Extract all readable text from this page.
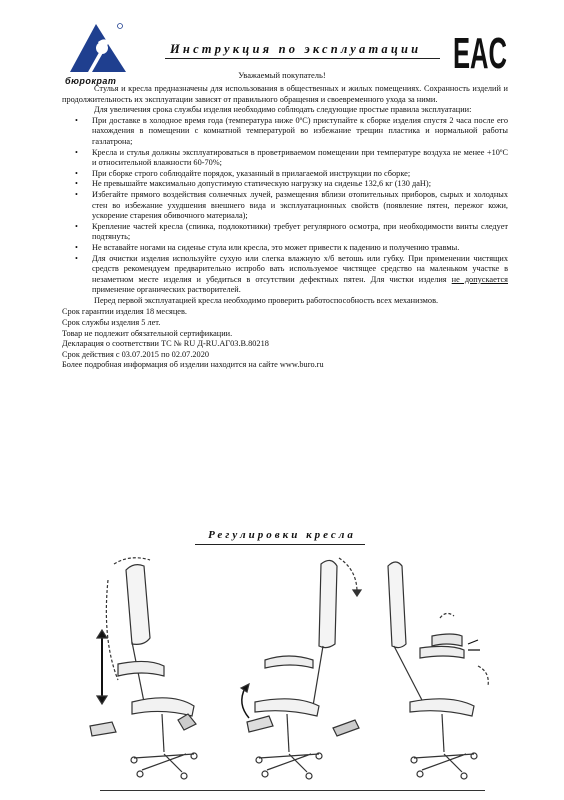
бюрократ
Инструкция по эксплуатации EAC
Уважаемый покупатель!

Стулья и кресла предназначены для использования в общественных и жилых помещениях. Сохранность изделий и продолжительность их эксплуатации зависят от правильного обращения и своевременного ухода за ними.

Для увеличения срока службы изделия необходимо соблюдать следующие простые правила эксплуатации:

• При доставке в холодное время года (температура ниже 0ºС) приступайте к сборке изделия спустя 2 часа после его нахождения в помещении с комнатной температурой во избежание трещин пластика и нормальной работы газлатрона;
• Кресла и стулья должны эксплуатироваться в проветриваемом помещении при температуре воздуха не менее +10ºС и относительной влажности 60-70%;
• При сборке строго соблюдайте порядок, указанный в прилагаемой инструкции по сборке;
• Не превышайте максимально допустимую статическую нагрузку на сиденье 132,6 кг (130 даН);
• Избегайте прямого воздействия солнечных лучей, размещения вблизи отопительных приборов, сырых и холодных стен во избежание ухудшения внешнего вида и эксплуатационных свойств (появление пятен, пережог кожи, ускорение старения обивочного материала);
• Крепление частей кресла (спинка, подлокотники) требует регулярного осмотра, при необходимости винты следует подтянуть;
• Не вставайте ногами на сиденье стула или кресла, это может привести к падению и получению травмы.
• Для очистки изделия используйте сухую или слегка влажную х/б ветошь или губку. При применении чистящих средств рекомендуем предварительно испробо вать используемое чистящее средство на маленьком участке в незаметном месте изделия и убедиться в отсутствии дефектных пятен. Для чистки изделия не допускается применение органических растворителей.

Перед первой эксплуатацией кресла необходимо проверить работоспособность всех механизмов.

Срок гарантии изделия 18 месяцев.
Срок службы изделия 5 лет.
Товар не подлежит обязательной сертификации.
Декларация о соответствии ТС № RU Д-RU.АГ03.В.80218
Срок действия с 03.07.2015 по 02.07.2020
Более подробная информация об изделии находится на сайте www.buro.ru
Регулировки кресла
